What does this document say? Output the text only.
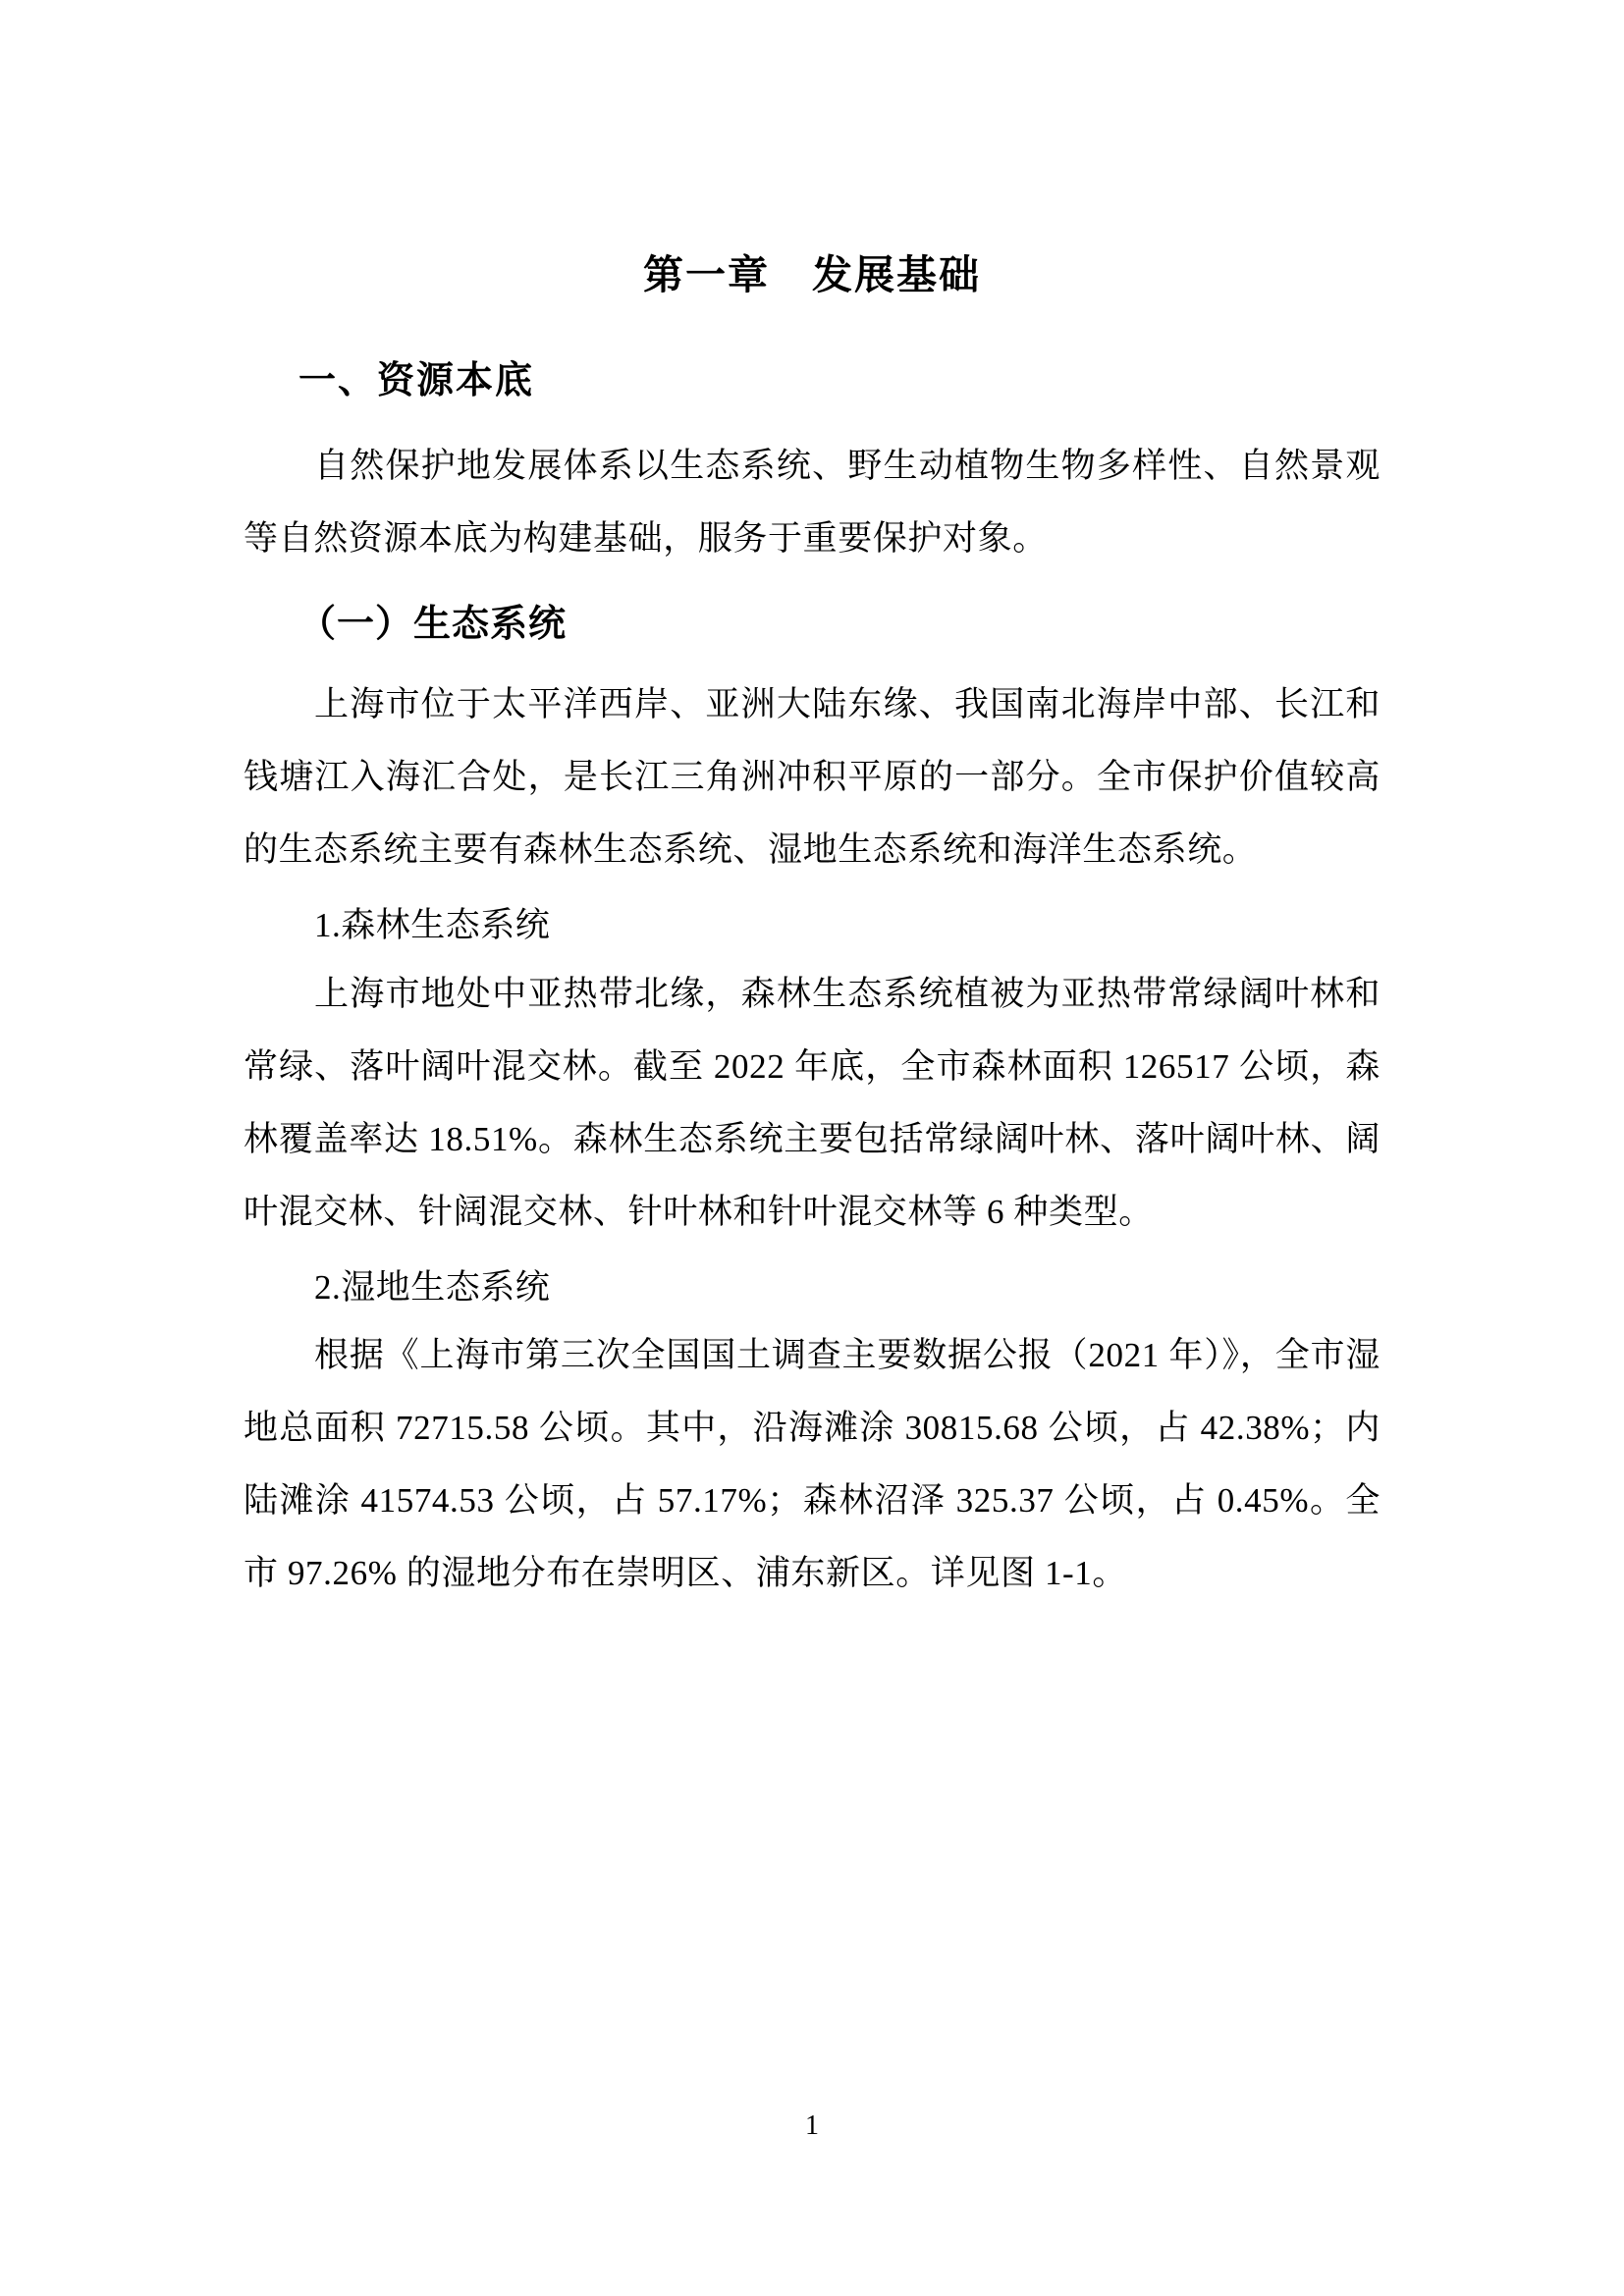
第一章　发展基础
一、资源本底

自然保护地发展体系以生态系统、野生动植物生物多样性、自然景观等自然资源本底为构建基础，服务于重要保护对象。

（一）生态系统

上海市位于太平洋西岸、亚洲大陆东缘、我国南北海岸中部、长江和钱塘江入海汇合处，是长江三角洲冲积平原的一部分。全市保护价值较高的生态系统主要有森林生态系统、湿地生态系统和海洋生态系统。

1.森林生态系统

上海市地处中亚热带北缘，森林生态系统植被为亚热带常绿阔叶林和常绿、落叶阔叶混交林。截至 2022 年底，全市森林面积 126517 公顷，森林覆盖率达 18.51%。森林生态系统主要包括常绿阔叶林、落叶阔叶林、阔叶混交林、针阔混交林、针叶林和针叶混交林等 6 种类型。

2.湿地生态系统

根据《上海市第三次全国国土调查主要数据公报（2021 年）》，全市湿地总面积 72715.58 公顷。其中，沿海滩涂 30815.68 公顷，占 42.38%；内陆滩涂 41574.53 公顷，占 57.17%；森林沼泽 325.37 公顷，占 0.45%。全市 97.26% 的湿地分布在崇明区、浦东新区。详见图 1-1。

1
